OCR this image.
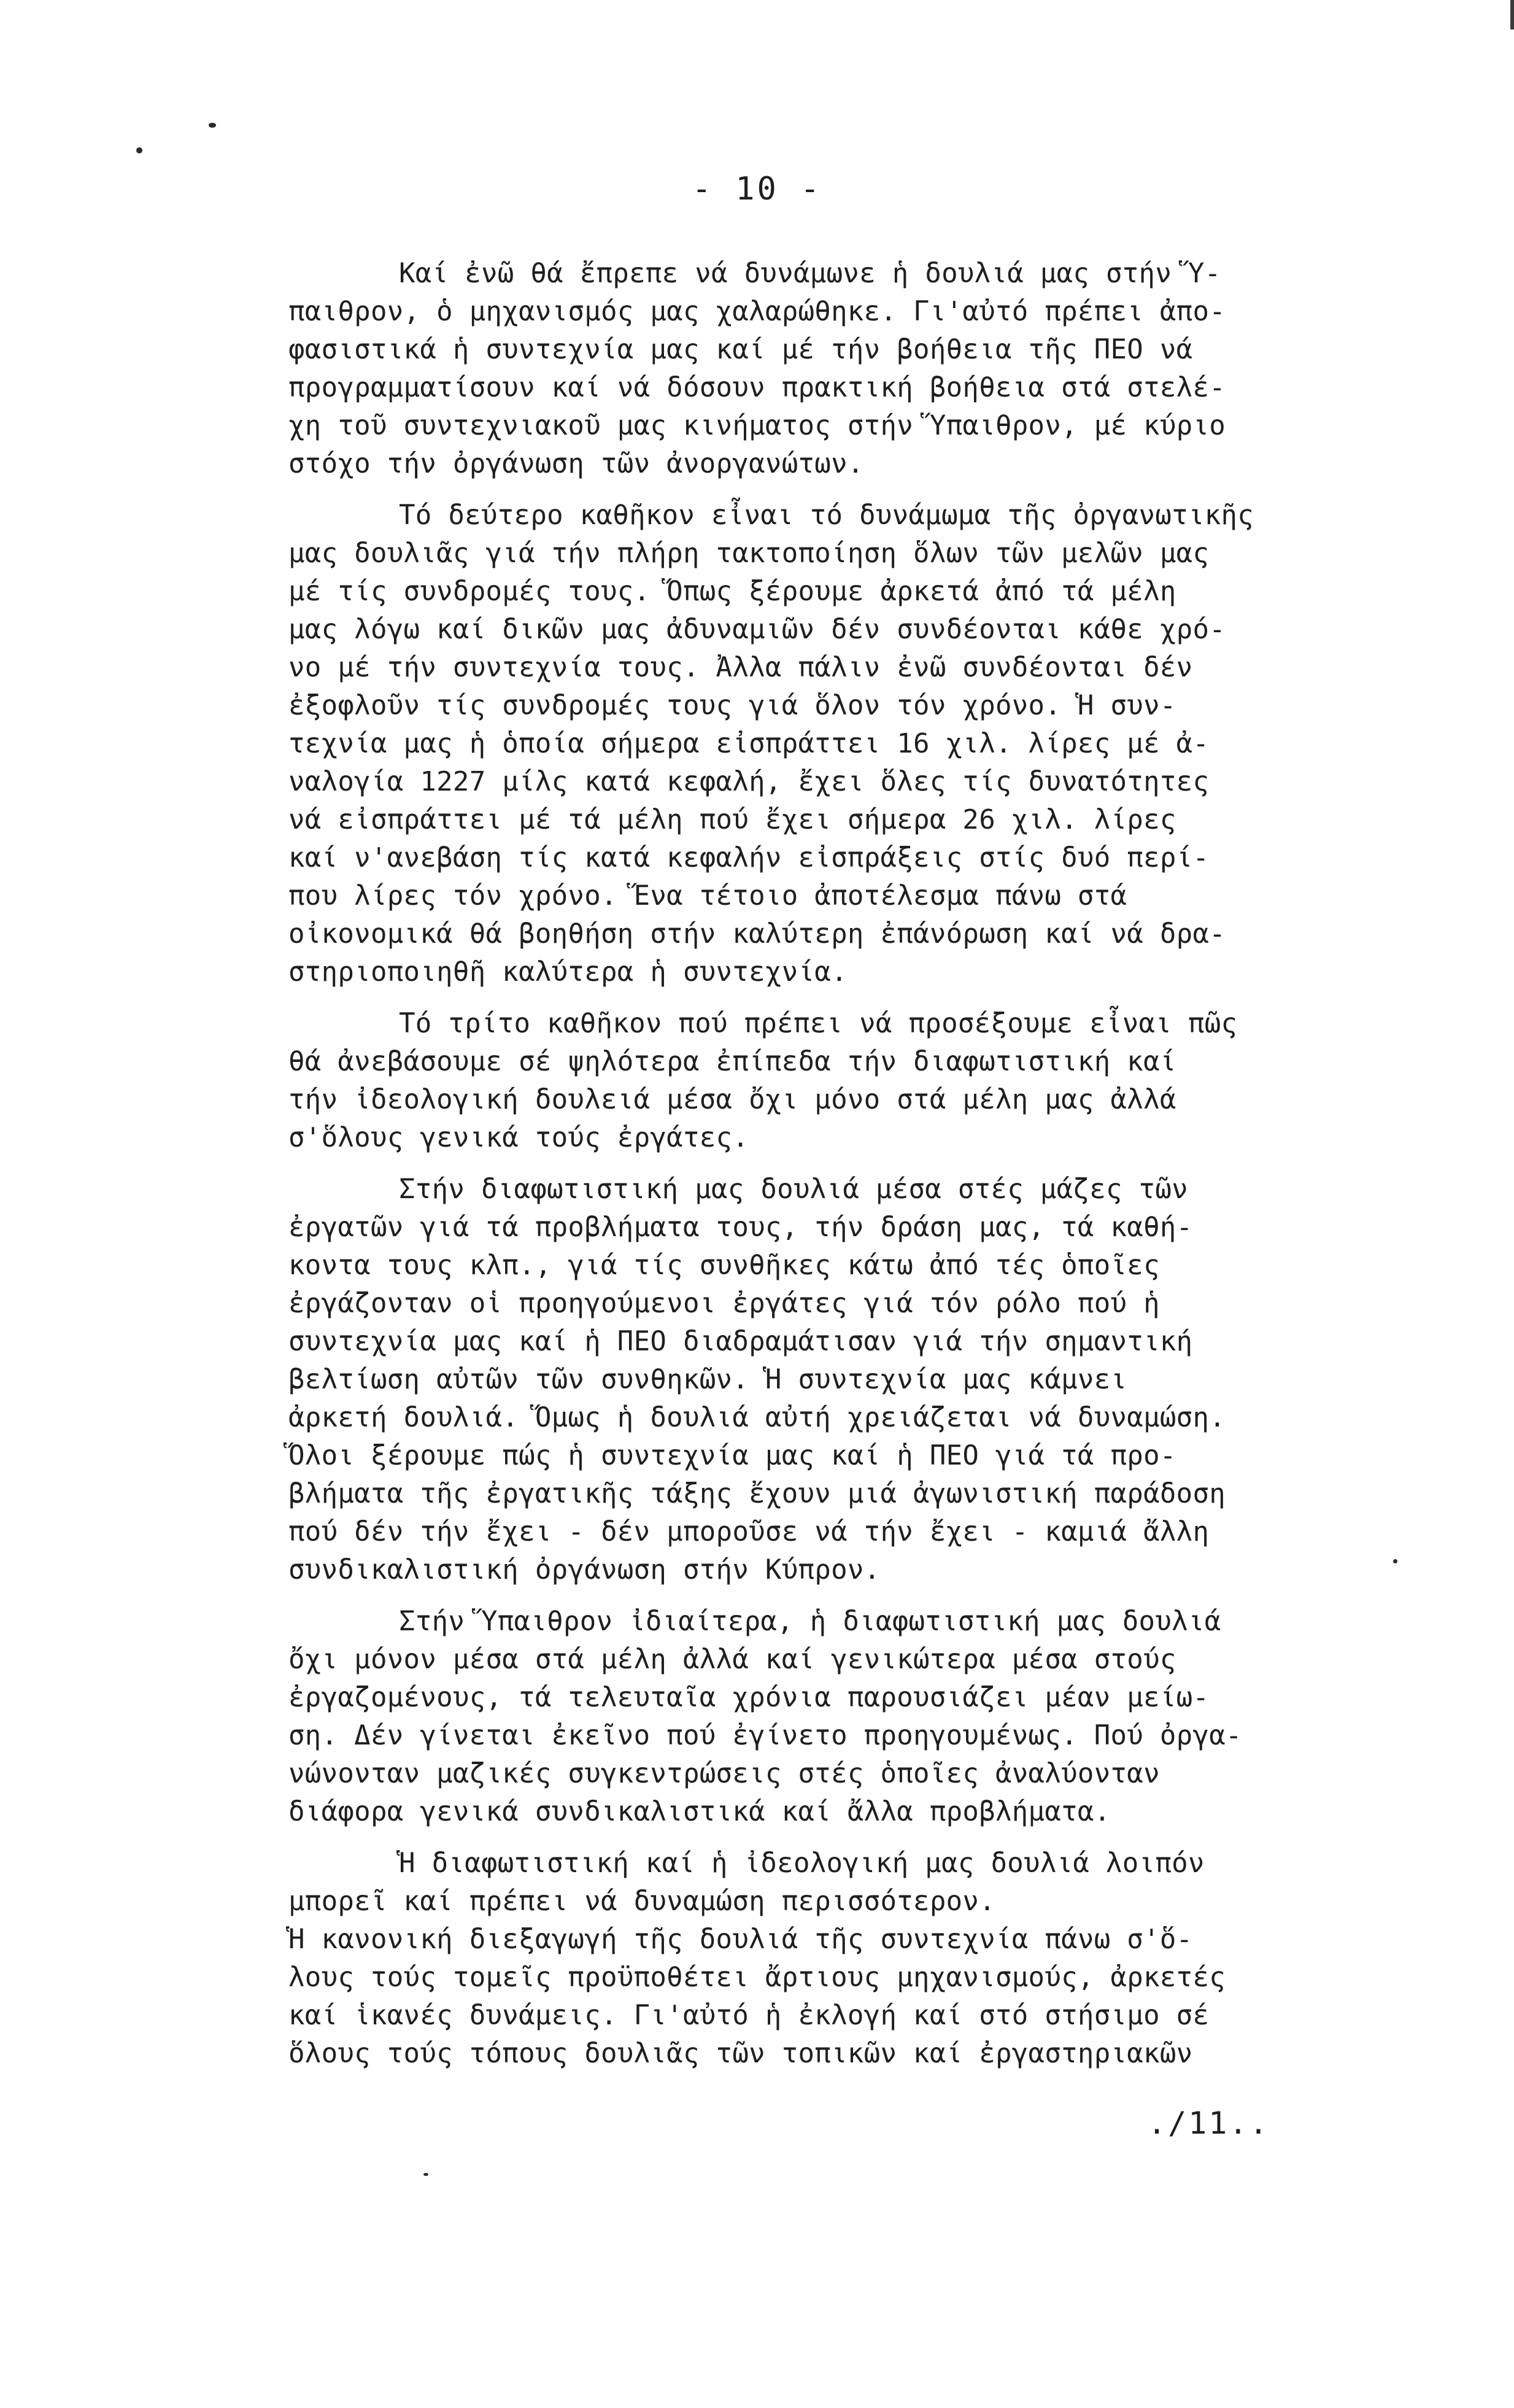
- 10 -
Καί ἐνῶ θά ἔπρεπε νά δυνάμωνε ἡ δουλιά μας στήν Ὕ-
παιθρον, ὁ μηχανισμός μας χαλαρώθηκε. Γι'αὐτό πρέπει ἀπο-
φασιστικά ἡ συντεχνία μας καί μέ τήν βοήθεια τῆς ΠΕΟ νά
προγραμματίσουν καί νά δόσουν πρακτική βοήθεια στά στελέ-
χη τοῦ συντεχνιακοῦ μας κινήματος στήν Ὕπαιθρον, μέ κύριο
στόχο τήν ὀργάνωση τῶν ἀνοργανώτων.
Τό δεύτερο καθῆκον εἶναι τό δυνάμωμα τῆς ὀργανωτικῆς
μας δουλιᾶς γιά τήν πλήρη τακτοποίηση ὅλων τῶν μελῶν μας
μέ τίς συνδρομές τους. Ὅπως ξέρουμε ἀρκετά ἀπό τά μέλη
μας λόγω καί δικῶν μας ἀδυναμιῶν δέν συνδέονται κάθε χρό-
νο μέ τήν συντεχνία τους. Ἀλλα πάλιν ἐνῶ συνδέονται δέν
ἐξοφλοῦν τίς συνδρομές τους γιά ὅλον τόν χρόνο. Ἡ συν-
τεχνία μας ἡ ὁποία σήμερα εἰσπράττει 16 χιλ. λίρες μέ ἀ-
ναλογία 1227 μίλς κατά κεφαλή, ἔχει ὅλες τίς δυνατότητες
νά εἰσπράττει μέ τά μέλη πού ἔχει σήμερα 26 χιλ. λίρες
καί ν'ανεβάση τίς κατά κεφαλήν εἰσπράξεις στίς δυό περί-
που λίρες τόν χρόνο. Ἕνα τέτοιο ἀποτέλεσμα πάνω στά
οἰκονομικά θά βοηθήση στήν καλύτερη ἐπάνόρωση καί νά δρα-
στηριοποιηθῆ καλύτερα ἡ συντεχνία.
Τό τρίτο καθῆκον πού πρέπει νά προσέξουμε εἶναι πῶς
θά ἀνεβάσουμε σέ ψηλότερα ἐπίπεδα τήν διαφωτιστική καί
τήν ἰδεολογική δουλειά μέσα ὄχι μόνο στά μέλη μας ἀλλά
σ'ὅλους γενικά τούς ἐργάτες.
Στήν διαφωτιστική μας δουλιά μέσα στές μάζες τῶν
ἐργατῶν γιά τά προβλήματα τους, τήν δράση μας, τά καθή-
κοντα τους κλπ., γιά τίς συνθῆκες κάτω ἀπό τές ὁποῖες
ἐργάζονταν οἱ προηγούμενοι ἐργάτες γιά τόν ρόλο πού ἡ
συντεχνία μας καί ἡ ΠΕΟ διαδραμάτισαν γιά τήν σημαντική
βελτίωση αὐτῶν τῶν συνθηκῶν. Ἡ συντεχνία μας κάμνει
ἀρκετή δουλιά. Ὅμως ἡ δουλιά αὐτή χρειάζεται νά δυναμώση.
Ὅλοι ξέρουμε πώς ἡ συντεχνία μας καί ἡ ΠΕΟ γιά τά προ-
βλήματα τῆς ἐργατικῆς τάξης ἔχουν μιά ἀγωνιστική παράδοση
πού δέν τήν ἔχει - δέν μποροῦσε νά τήν ἔχει - καμιά ἄλλη
συνδικαλιστική ὀργάνωση στήν Κύπρον.
Στήν Ὕπαιθρον ἰδιαίτερα, ἡ διαφωτιστική μας δουλιά
ὄχι μόνον μέσα στά μέλη ἀλλά καί γενικώτερα μέσα στούς
ἐργαζομένους, τά τελευταῖα χρόνια παρουσιάζει μέαν μείω-
ση. Δέν γίνεται ἐκεῖνο πού ἐγίνετο προηγουμένως. Πού ὀργα-
νώνονταν μαζικές συγκεντρώσεις στές ὁποῖες ἀναλύονταν
διάφορα γενικά συνδικαλιστικά καί ἄλλα προβλήματα.
Ἡ διαφωτιστική καί ἡ ἰδεολογική μας δουλιά λοιπόν
μπορεῖ καί πρέπει νά δυναμώση περισσότερον.
Ἡ κανονική διεξαγωγή τῆς δουλιά τῆς συντεχνία πάνω σ'ὅ-
λους τούς τομεῖς προϋποθέτει ἄρτιους μηχανισμούς, ἀρκετές
καί ἱκανές δυνάμεις. Γι'αὐτό ἡ ἐκλογή καί στό στήσιμο σέ
ὅλους τούς τόπους δουλιᾶς τῶν τοπικῶν καί ἐργαστηριακῶν
./11..
